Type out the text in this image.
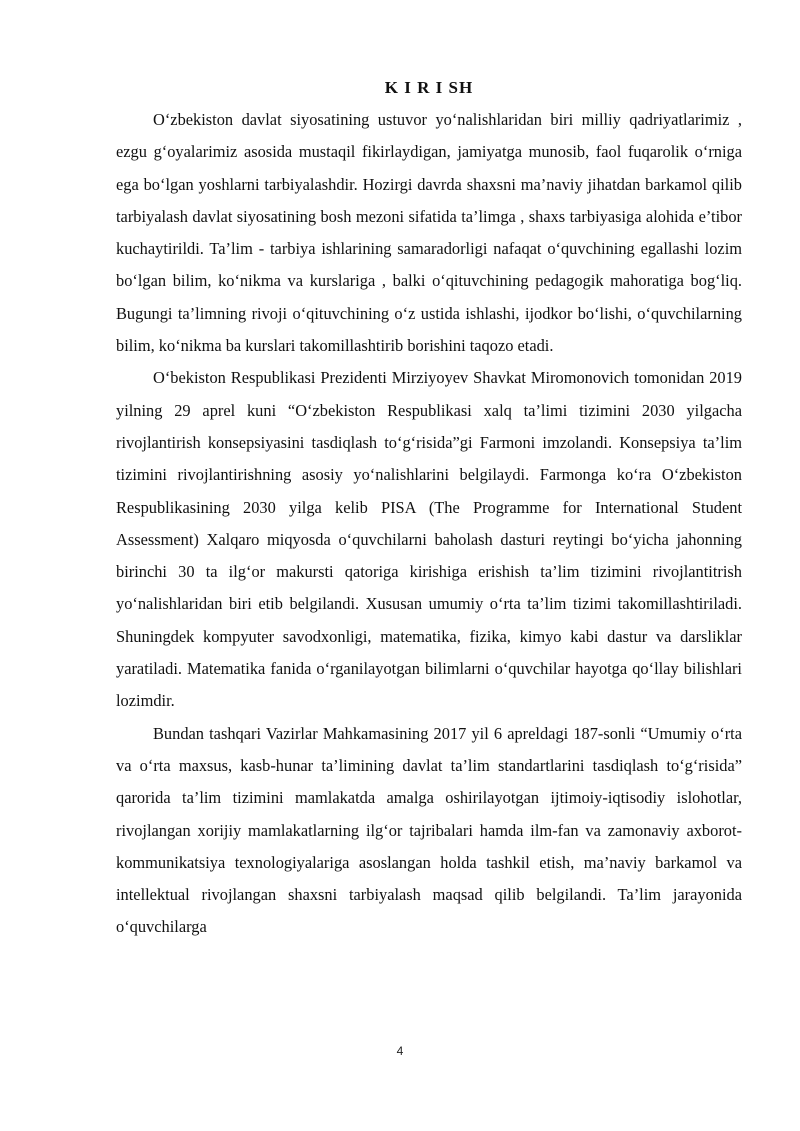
K I R I SH

O‘zbekiston davlat siyosatining ustuvor yo‘nalishlaridan biri milliy qadriyatlarimiz , ezgu g‘oyalarimiz asosida mustaqil fikirlaydigan, jamiyatga munosib, faol fuqarolik o‘rniga ega bo‘lgan yoshlarni tarbiyalashdir. Hozirgi davrda shaxsni ma’naviy jihatdan barkamol qilib tarbiyalash davlat siyosatining bosh mezoni sifatida ta’limga , shaxs tarbiyasiga alohida e’tibor kuchaytirildi. Ta’lim - tarbiya ishlarining samaradorligi nafaqat o‘quvchining egallashi lozim bo‘lgan bilim, ko‘nikma va kurslariga , balki o‘qituvchining pedagogik mahoratiga bog‘liq. Bugungi ta’limning rivoji o‘qituvchining o‘z ustida ishlashi, ijodkor bo‘lishi, o‘quvchilarning bilim, ko‘nikma ba kurslari takomillashtirib borishini taqozo etadi.

O‘bekiston Respublikasi Prezidenti Mirziyoyev Shavkat Miromonovich tomonidan 2019 yilning 29 aprel kuni “O‘zbekiston Respublikasi xalq ta’limi tizimini 2030 yilgacha rivojlantirish konsepsiyasini tasdiqlash to‘g‘risida”gi Farmoni imzolandi. Konsepsiya ta’lim tizimini rivojlantirishning asosiy yo‘nalishlarini belgilaydi. Farmonga ko‘ra O‘zbekiston Respublikasining 2030 yilga kelib PISA (The Programme for International Student Assessment) Xalqaro miqyosda o‘quvchilarni baholash dasturi reytingi bo‘yicha jahonning birinchi 30 ta ilg‘or makursti qatoriga kirishiga erishish ta’lim tizimini rivojlantitrish yo‘nalishlaridan biri etib belgilandi. Xususan umumiy o‘rta ta’lim tizimi takomillashtiriladi. Shuningdek kompyuter savodxonligi, matematika, fizika, kimyo kabi dastur va darsliklar yaratiladi. Matematika fanida o‘rganilayotgan bilimlarni o‘quvchilar hayotga qo‘llay bilishlari lozimdir.

Bundan tashqari Vazirlar Mahkamasining 2017 yil 6 apreldagi 187-sonli “Umumiy o‘rta va o‘rta maxsus, kasb-hunar ta’limining davlat ta’lim standartlarini tasdiqlash to‘g‘risida” qarorida ta’lim tizimini mamlakatda amalga oshirilayotgan ijtimoiy-iqtisodiy islohotlar, rivojlangan xorijiy mamlakatlarning ilg‘or tajribalari hamda ilm-fan va zamonaviy axborot-kommunikatsiya texnologiyalariga asoslangan holda tashkil etish, ma’naviy barkamol va intellektual rivojlangan shaxsni tarbiyalash maqsad qilib belgilandi. Ta’lim jarayonida o‘quvchilarga

4
